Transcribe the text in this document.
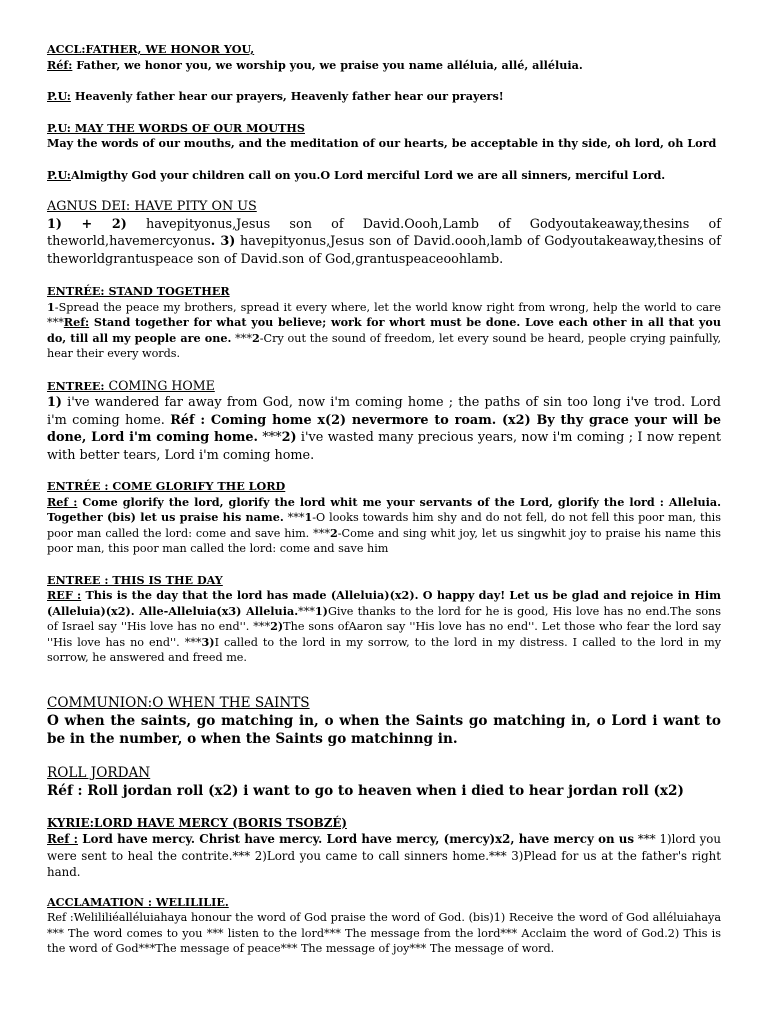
ACCL:FATHER, WE HONOR YOU,

Réf: Father, we honor you, we worship you, we praise you name alléluia, allé, alléluia.

P.U: Heavenly father hear our prayers, Heavenly father hear our prayers!

P.U: MAY THE WORDS OF OUR MOUTHS

May the words of our mouths, and the meditation of our hearts, be acceptable in thy side, oh lord, oh Lord

P.U:Almigthy God your children call on you.O Lord merciful Lord we are all sinners, merciful Lord.

AGNUS DEI: HAVE PITY ON US

1) + 2) havepityonus,Jesus son of David.Oooh,Lamb of Godyoutakeaway,thesins of theworld,havemercyonus. 3) havepityonus,Jesus son of David.oooh,lamb of Godyoutakeaway,thesins of theworldgrantuspeace son of David.son of God,grantuspeaceoohlamb.

ENTRÉE: STAND TOGETHER

1-Spread the peace my brothers, spread it every where, let the world know right from wrong, help the world to care ***Ref: Stand together for what you believe; work for whort must be done. Love each other in all that you do, till all my people are one. ***2-Cry out the sound of freedom, let every sound be heard, people crying painfully, hear their every words.

ENTREE: COMING HOME

1) i've wandered far away from God, now i'm coming home ; the paths of sin too long i've trod. Lord i'm coming home. Réf : Coming home x(2) nevermore to roam. (x2) By thy grace your will be done, Lord i'm coming home. ***2) i've wasted many precious years, now i'm coming ; I now repent with better tears, Lord i'm coming home.

ENTRÉE : COME GLORIFY THE LORD

Ref : Come glorify the lord, glorify the lord whit me your servants of the Lord, glorify the lord : Alleluia. Together (bis) let us praise his name. ***1-O looks towards him shy and do not fell, do not fell this poor man, this poor man called the lord: come and save him. ***2-Come and sing whit joy, let us singwhit joy to praise his name this poor man, this poor man called the lord: come and save him

ENTREE : THIS IS THE DAY

REF : This is the day that the lord has made (Alleluia)(x2). O happy day! Let us be glad and rejoice in Him (Alleluia)(x2). Alle-Alleluia(x3) Alleluia.***1)Give thanks to the lord for he is good, His love has no end.The sons of Israel say ''His love has no end''. ***2)The sons ofAaron say ''His love has no end''. Let those who fear the lord say ''His love has no end''. ***3)I called to the lord in my sorrow, to the lord in my distress. I called to the lord in my sorrow, he answered and freed me.

COMMUNION:O WHEN THE SAINTS

O when the saints, go matching in, o when the Saints go matching in, o Lord i want to be in the number, o when the Saints go matchinng in.

ROLL JORDAN

Réf : Roll jordan roll (x2) i want to go to heaven when i died to hear jordan roll (x2)

KYRIE:LORD HAVE MERCY (BORIS TSOBZÉ)

Ref : Lord have mercy. Christ have mercy. Lord have mercy, (mercy)x2, have mercy on us *** 1)lord you were sent to heal the contrite.*** 2)Lord you came to call sinners home.*** 3)Plead for us at the father's right hand.

ACCLAMATION : WELILILIE.

Ref :Welililiéalléluiahaya honour the word of God praise the word of God. (bis)1) Receive the word of God alléluiahaya *** The word comes to you *** listen to the lord*** The message from the lord*** Acclaim the word of God.2) This is the word of God***The message of peace*** The message of joy*** The message of word.
